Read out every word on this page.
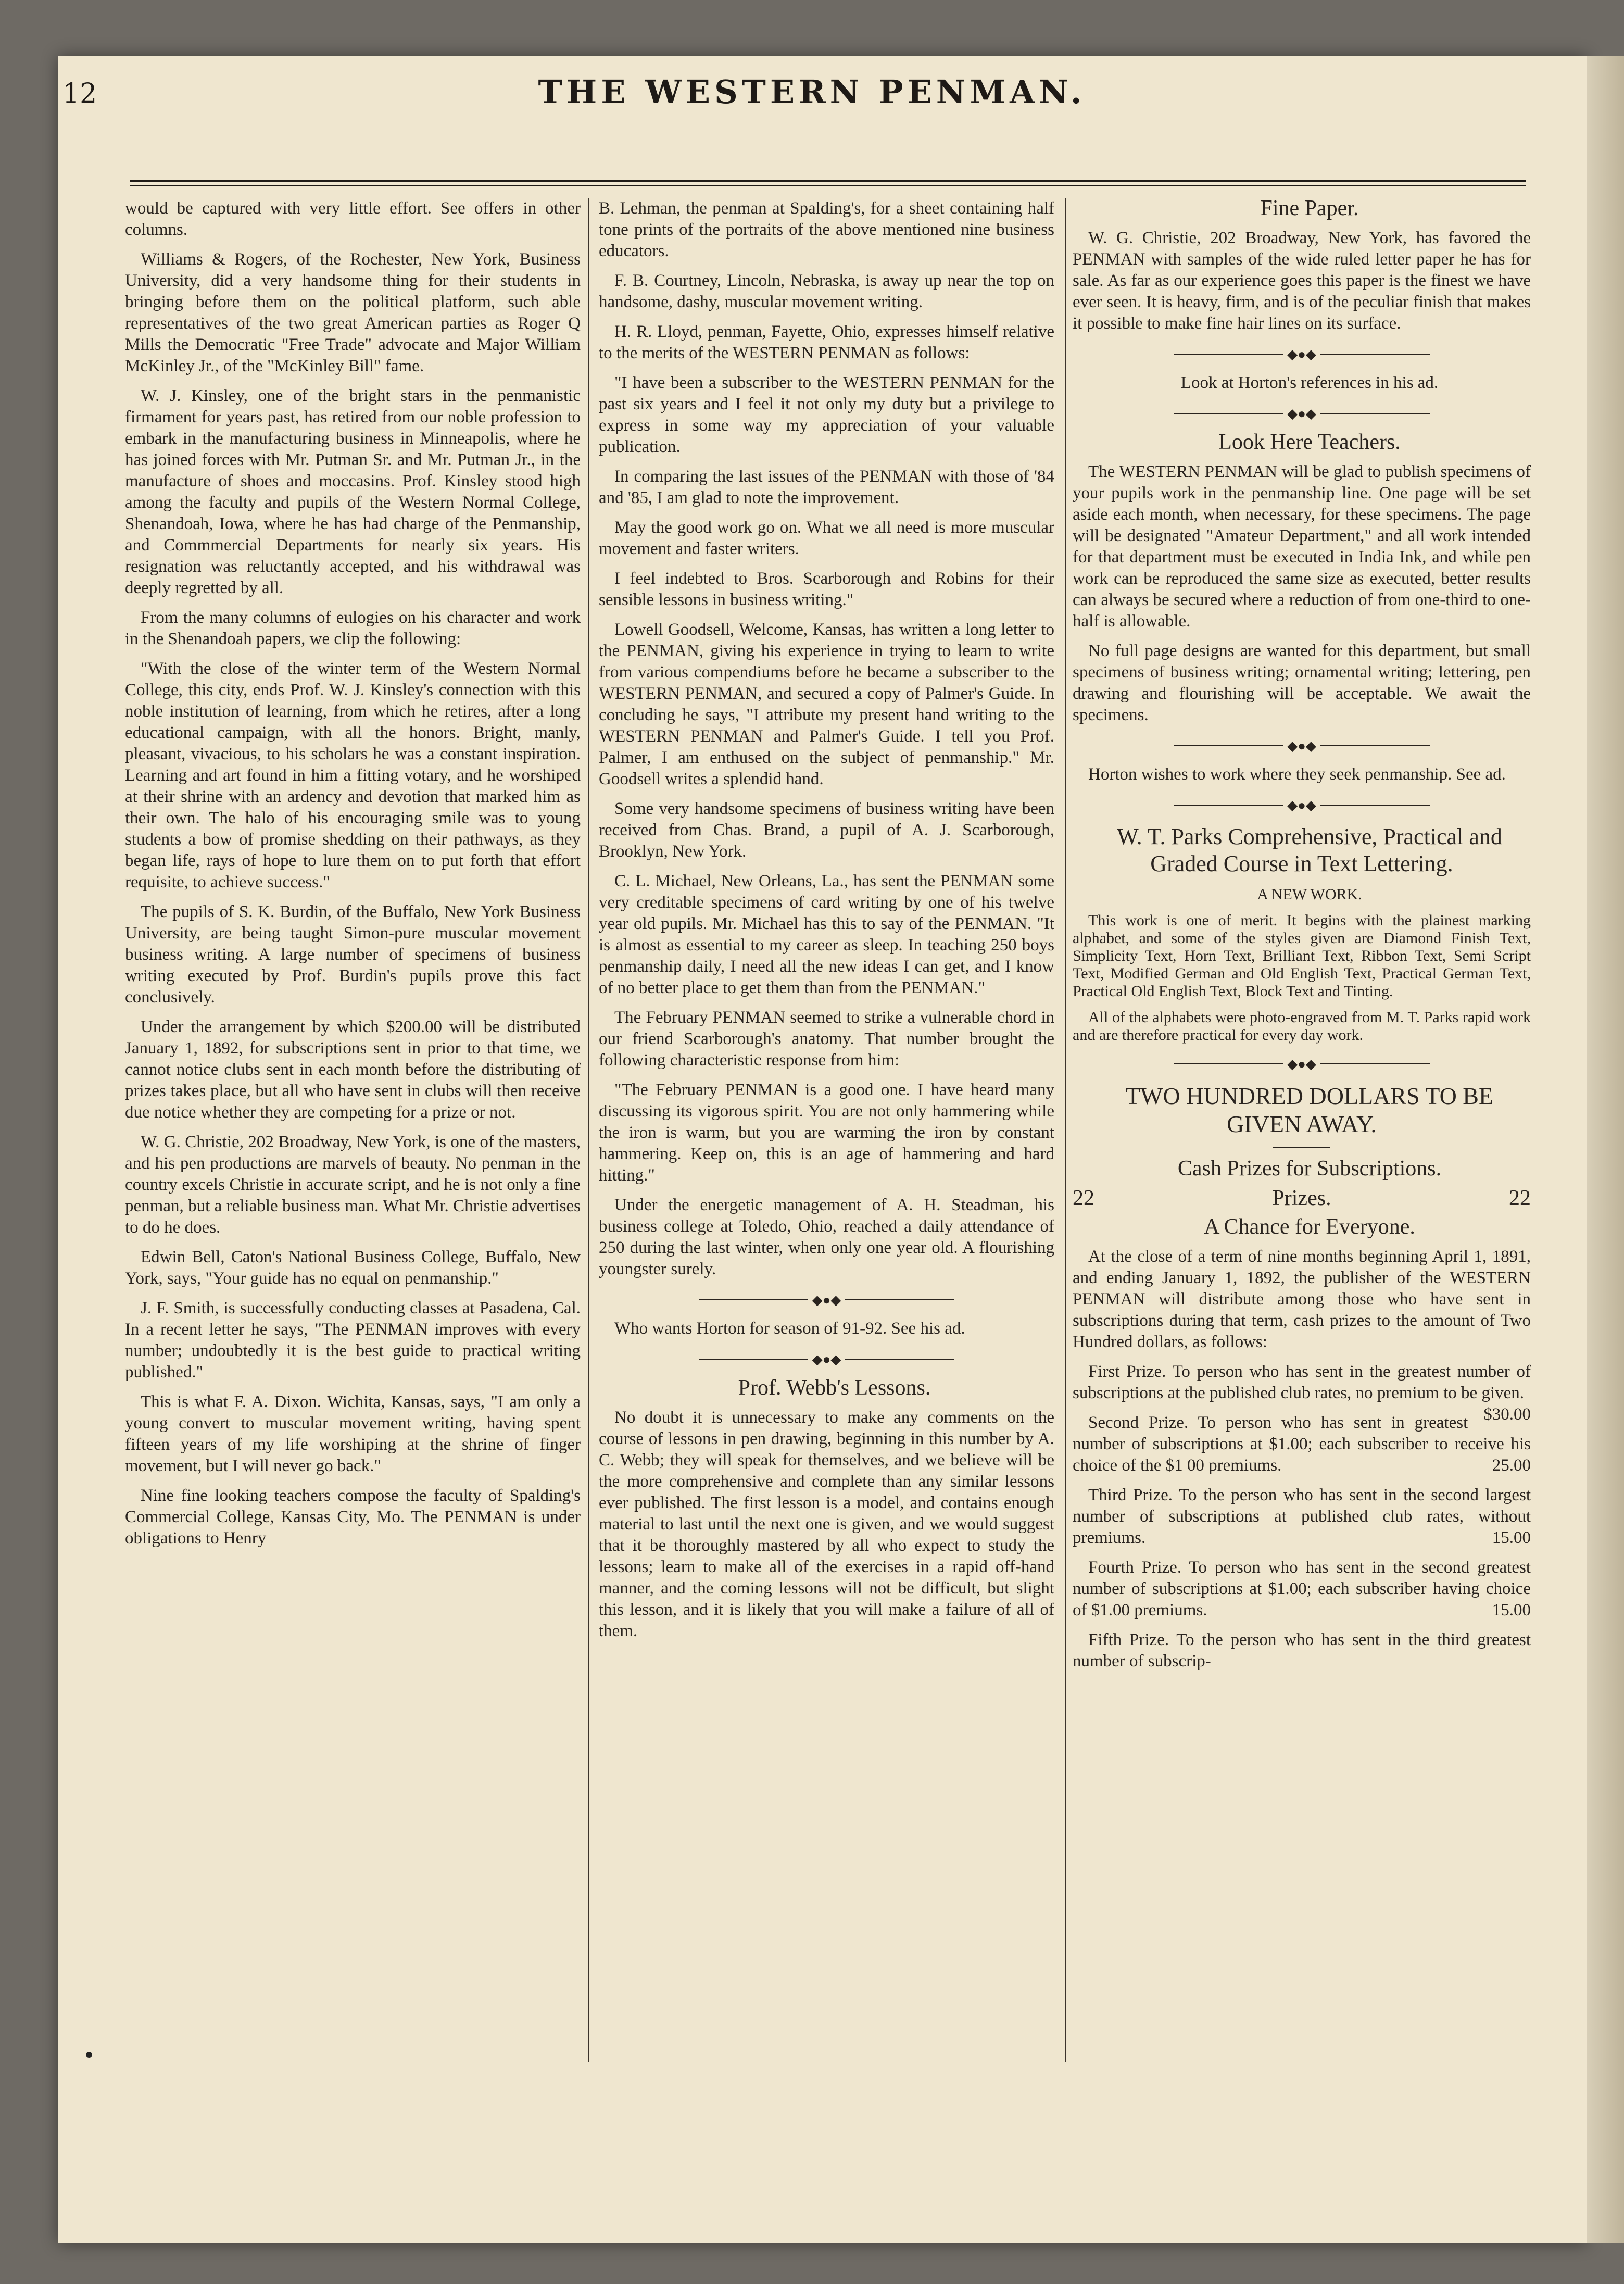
12	THE WESTERN PENMAN.

would be captured with very little effort. See offers in other columns.

Williams & Rogers, of the Rochester, New York, Business University, did a very handsome thing for their students in bringing before them on the political platform, such able representatives of the two great American parties as Roger Q Mills the Democratic "Free Trade" advocate and Major William McKinley Jr., of the "McKinley Bill" fame.

W. J. Kinsley, one of the bright stars in the penmanistic firmament for years past, has retired from our noble profession to embark in the manufacturing business in Minneapolis, where he has joined forces with Mr. Putman Sr. and Mr. Putman Jr., in the manufacture of shoes and moccasins. Prof. Kinsley stood high among the faculty and pupils of the Western Normal College, Shenandoah, Iowa, where he has had charge of the Penmanship, and Commmercial Departments for nearly six years. His resignation was reluctantly accepted, and his withdrawal was deeply regretted by all.

From the many columns of eulogies on his character and work in the Shenandoah papers, we clip the following:

"With the close of the winter term of the Western Normal College, this city, ends Prof. W. J. Kinsley's connection with this noble institution of learning, from which he retires, after a long educational campaign, with all the honors. Bright, manly, pleasant, vivacious, to his scholars he was a constant inspiration. Learning and art found in him a fitting votary, and he worshiped at their shrine with an ardency and devotion that marked him as their own. The halo of his encouraging smile was to young students a bow of promise shedding on their pathways, as they began life, rays of hope to lure them on to put forth that effort requisite, to achieve success."

The pupils of S. K. Burdin, of the Buffalo, New York Business University, are being taught Simon-pure muscular movement business writing. A large number of specimens of business writing executed by Prof. Burdin's pupils prove this fact conclusively.

Under the arrangement by which $200.00 will be distributed January 1, 1892, for subscriptions sent in prior to that time, we cannot notice clubs sent in each month before the distributing of prizes takes place, but all who have sent in clubs will then receive due notice whether they are competing for a prize or not.

W. G. Christie, 202 Broadway, New York, is one of the masters, and his pen productions are marvels of beauty. No penman in the country excels Christie in accurate script, and he is not only a fine penman, but a reliable business man. What Mr. Christie advertises to do he does.

Edwin Bell, Caton's National Business College, Buffalo, New York, says, "Your guide has no equal on penmanship."

J. F. Smith, is successfully conducting classes at Pasadena, Cal. In a recent letter he says, "The PENMAN improves with every number; undoubtedly it is the best guide to practical writing published."

This is what F. A. Dixon. Wichita, Kansas, says, "I am only a young convert to muscular movement writing, having spent fifteen years of my life worshiping at the shrine of finger movement, but I will never go back."

Nine fine looking teachers compose the faculty of Spalding's Commercial College, Kansas City, Mo. The PENMAN is under obligations to Henry

B. Lehman, the penman at Spalding's, for a sheet containing half tone prints of the portraits of the above mentioned nine business educators.

F. B. Courtney, Lincoln, Nebraska, is away up near the top on handsome, dashy, muscular movement writing.

H. R. Lloyd, penman, Fayette, Ohio, expresses himself relative to the merits of the WESTERN PENMAN as follows:

"I have been a subscriber to the WESTERN PENMAN for the past six years and I feel it not only my duty but a privilege to express in some way my appreciation of your valuable publication.

In comparing the last issues of the PENMAN with those of '84 and '85, I am glad to note the improvement.

May the good work go on. What we all need is more muscular movement and faster writers.

I feel indebted to Bros. Scarborough and Robins for their sensible lessons in business writing."

Lowell Goodsell, Welcome, Kansas, has written a long letter to the PENMAN, giving his experience in trying to learn to write from various compendiums before he became a subscriber to the WESTERN PENMAN, and secured a copy of Palmer's Guide. In concluding he says, "I attribute my present hand writing to the WESTERN PENMAN and Palmer's Guide. I tell you Prof. Palmer, I am enthused on the subject of penmanship." Mr. Goodsell writes a splendid hand.

Some very handsome specimens of business writing have been received from Chas. Brand, a pupil of A. J. Scarborough, Brooklyn, New York.

C. L. Michael, New Orleans, La., has sent the PENMAN some very creditable specimens of card writing by one of his twelve year old pupils. Mr. Michael has this to say of the PENMAN. "It is almost as essential to my career as sleep. In teaching 250 boys penmanship daily, I need all the new ideas I can get, and I know of no better place to get them than from the PENMAN."

The February PENMAN seemed to strike a vulnerable chord in our friend Scarborough's anatomy. That number brought the following characteristic response from him:

"The February PENMAN is a good one. I have heard many discussing its vigorous spirit. You are not only hammering while the iron is warm, but you are warming the iron by constant hammering. Keep on, this is an age of hammering and hard hitting."

Under the energetic management of A. H. Steadman, his business college at Toledo, Ohio, reached a daily attendance of 250 during the last winter, when only one year old. A flourishing youngster surely.

◆●◆

Who wants Horton for season of 91-92. See his ad.

◆●◆

Prof. Webb's Lessons.

No doubt it is unnecessary to make any comments on the course of lessons in pen drawing, beginning in this number by A. C. Webb; they will speak for themselves, and we believe will be the more comprehensive and complete than any similar lessons ever published. The first lesson is a model, and contains enough material to last until the next one is given, and we would suggest that it be thoroughly mastered by all who expect to study the lessons; learn to make all of the exercises in a rapid off-hand manner, and the coming lessons will not be difficult, but slight this lesson, and it is likely that you will make a failure of all of them.

Fine Paper.

W. G. Christie, 202 Broadway, New York, has favored the PENMAN with samples of the wide ruled letter paper he has for sale. As far as our experience goes this paper is the finest we have ever seen. It is heavy, firm, and is of the peculiar finish that makes it possible to make fine hair lines on its surface.

◆●◆

Look at Horton's references in his ad.

◆●◆

Look Here Teachers.

The WESTERN PENMAN will be glad to publish specimens of your pupils work in the penmanship line. One page will be set aside each month, when necessary, for these specimens. The page will be designated "Amateur Department," and all work intended for that department must be executed in India Ink, and while pen work can be reproduced the same size as executed, better results can always be secured where a reduction of from one-third to one-half is allowable.

No full page designs are wanted for this department, but small specimens of business writing; ornamental writing; lettering, pen drawing and flourishing will be acceptable. We await the specimens.

◆●◆

Horton wishes to work where they seek penmanship. See ad.

◆●◆

W. T. Parks Comprehensive, Practical and Graded Course in Text Lettering.

A NEW WORK.

This work is one of merit. It begins with the plainest marking alphabet, and some of the styles given are Diamond Finish Text, Simplicity Text, Horn Text, Brilliant Text, Ribbon Text, Semi Script Text, Modified German and Old English Text, Practical German Text, Practical Old English Text, Block Text and Tinting.

All of the alphabets were photo-engraved from M. T. Parks rapid work and are therefore practical for every day work.

◆●◆

TWO HUNDRED DOLLARS TO BE GIVEN AWAY.

Cash Prizes for Subscriptions.

22	Prizes.	22

A Chance for Everyone.

At the close of a term of nine months beginning April 1, 1891, and ending January 1, 1892, the publisher of the WESTERN PENMAN will distribute among those who have sent in subscriptions during that term, cash prizes to the amount of Two Hundred dollars, as follows:

First Prize. To person who has sent in the greatest number of subscriptions at the published club rates, no premium to be given.
$30.00

Second Prize. To person who has sent in greatest number of subscriptions at $1.00; each subscriber to receive his choice of the $1 00 premiums.	25.00

Third Prize. To the person who has sent in the second largest number of subscriptions at published club rates, without premiums.	15.00

Fourth Prize. To person who has sent in the second greatest number of subscriptions at $1.00; each subscriber having choice of $1.00 premiums.	15.00

Fifth Prize. To the person who has sent in the third greatest number of subscrip-
